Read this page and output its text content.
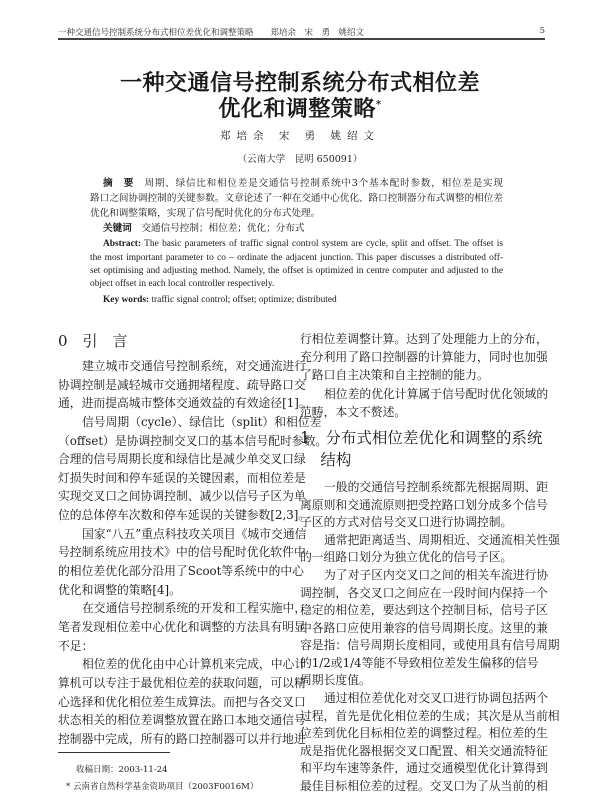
一种交通信号控制系统分布式相位差优化和调整策略　　郑培余　宋　勇　姚绍文	5
一种交通信号控制系统分布式相位差
优化和调整策略*
郑培余 宋 勇 姚绍文
（云南大学　昆明 650091）
摘　要　 周期、绿信比和相位差是交通信号控制系统中3个基本配时参数，相位差是实现
路口之间协调控制的关键参数。文章论述了一种在交通中心优化、路口控制器分布式调整的相位差
优化和调整策略，实现了信号配时优化的分布式处理。
关键词　 交通信号控制；相位差；优化；分布式
Abstract: The basic parameters of traffic signal control system are cycle, split and offset. The offset is
the most important parameter to co – ordinate the adjacent junction. This paper discusses a distributed off-
set optimising and adjusting method. Namely, the offset is optimized in centre computer and adjusted to the
object offset in each local controller respectively.
Key words: traffic signal control; offset; optimize; distributed
0　引　言
建立城市交通信号控制系统，对交通流进行
协调控制是减轻城市交通拥堵程度、疏导路口交
通，进而提高城市整体交通效益的有效途径[1]。
信号周期（cycle）、绿信比（split）和相位差
（offset）是协调控制交叉口的基本信号配时参数。
合理的信号周期长度和绿信比是减少单交叉口绿
灯损失时间和停车延误的关键因素，而相位差是
实现交叉口之间协调控制、减少以信号子区为单
位的总体停车次数和停车延误的关键参数[2,3]。
国家“八五”重点科技攻关项目《城市交通信
号控制系统应用技术》中的信号配时优化软件中
的相位差优化部分沿用了Scoot等系统中的中心
优化和调整的策略[4]。
在交通信号控制系统的开发和工程实施中，
笔者发现相位差中心优化和调整的方法具有明显
不足：
相位差的优化由中心计算机来完成，中心计
算机可以专注于最优相位差的获取问题，可以精
心选择和优化相位差生成算法。而把与各交叉口
状态相关的相位差调整放置在路口本地交通信号
控制器中完成，所有的路口控制器可以并行地进
行相位差调整计算。达到了处理能力上的分布，
充分利用了路口控制器的计算能力，同时也加强
了路口自主决策和自主控制的能力。
相位差的优化计算属于信号配时优化领域的
范畴，本文不赘述。
1　分布式相位差优化和调整的系统
　 结构
一般的交通信号控制系统都先根据周期、距
离原则和交通流原则把受控路口划分成多个信号
子区的方式对信号交叉口进行协调控制。
通常把距离适当、周期相近、交通流相关性强
的一组路口划分为独立优化的信号子区。
为了对子区内交叉口之间的相关车流进行协
调控制，各交叉口之间应在一段时间内保持一个
稳定的相位差，要达到这个控制目标，信号子区
中各路口应使用兼容的信号周期长度。这里的兼
容是指：信号周期长度相同，或使用具有信号周期
的1/2或1/4等能不导致相位差发生偏移的信号
周期长度值。
通过相位差优化对交叉口进行协调包括两个
过程，首先是优化相位差的生成；其次是从当前相
位差到优化目标相位差的调整过程。相位差的生
成是指优化器根据交叉口配置、相关交通流特征
和平均车速等条件，通过交通模型优化计算得到
最佳目标相位差的过程。交叉口为了从当前的相
收稿日期：2003-11-24
* 云南省自然科学基金资助项目（2003F0016M）
